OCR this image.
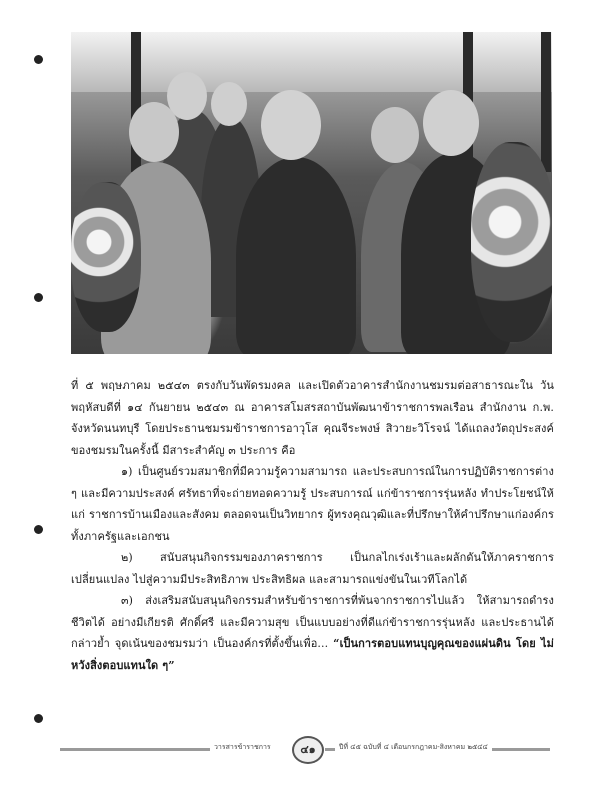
ที่ ๕ พฤษภาคม ๒๕๔๓ ตรงกับวันพัดรมงคล และเปิดตัวอาคารสำนักงานชมรมต่อสาธารณะใน วันพฤหัสบดีที่ ๑๔ กันยายน ๒๕๔๓ ณ อาคารสโมสรสถาบันพัฒนาข้าราชการพลเรือน สำนักงาน ก.พ. จังหวัดนนทบุรี โดยประธานชมรมข้าราชการอาวุโส คุณจีระพงษ์ สิวายะวิโรจน์ ได้แถลงวัตถุประสงค์ ของชมรมในครั้งนี้ มีสาระสำคัญ ๓ ประการ คือ

๑) เป็นศูนย์รวมสมาชิกที่มีความรู้ความสามารถ และประสบการณ์ในการปฏิบัติราชการต่าง ๆ และมีความประสงค์ ศรัทธาที่จะถ่ายทอดความรู้ ประสบการณ์ แก่ข้าราชการรุ่นหลัง ทำประโยชน์ให้แก่ ราชการบ้านเมืองและสังคม ตลอดจนเป็นวิทยากร ผู้ทรงคุณวุฒิและที่ปรึกษาให้คำปรึกษาแก่องค์กร ทั้งภาครัฐและเอกชน

๒) สนับสนุนกิจกรรมของภาคราชการ เป็นกลไกเร่งเร้าและผลักดันให้ภาคราชการเปลี่ยนแปลง ไปสู่ความมีประสิทธิภาพ ประสิทธิผล และสามารถแข่งขันในเวทีโลกได้

๓) ส่งเสริมสนับสนุนกิจกรรมสำหรับข้าราชการที่พ้นจากราชการไปแล้ว ให้สามารถดำรงชีวิตได้ อย่างมีเกียรติ ศักดิ์ศรี และมีความสุข เป็นแบบอย่างที่ดีแก่ข้าราชการรุ่นหลัง และประธานได้กล่าวย้ำ จุดเน้นของชมรมว่า เป็นองค์กรที่ตั้งขึ้นเพื่อ... “เป็นการตอบแทนบุญคุณของแผ่นดิน โดย ไม่หวังสิ่งตอบแทนใด ๆ”

วารสารข้าราชการ	๔๑	ปีที่ ๔๕ ฉบับที่ ๔ เดือนกรกฎาคม-สิงหาคม ๒๕๔๔
